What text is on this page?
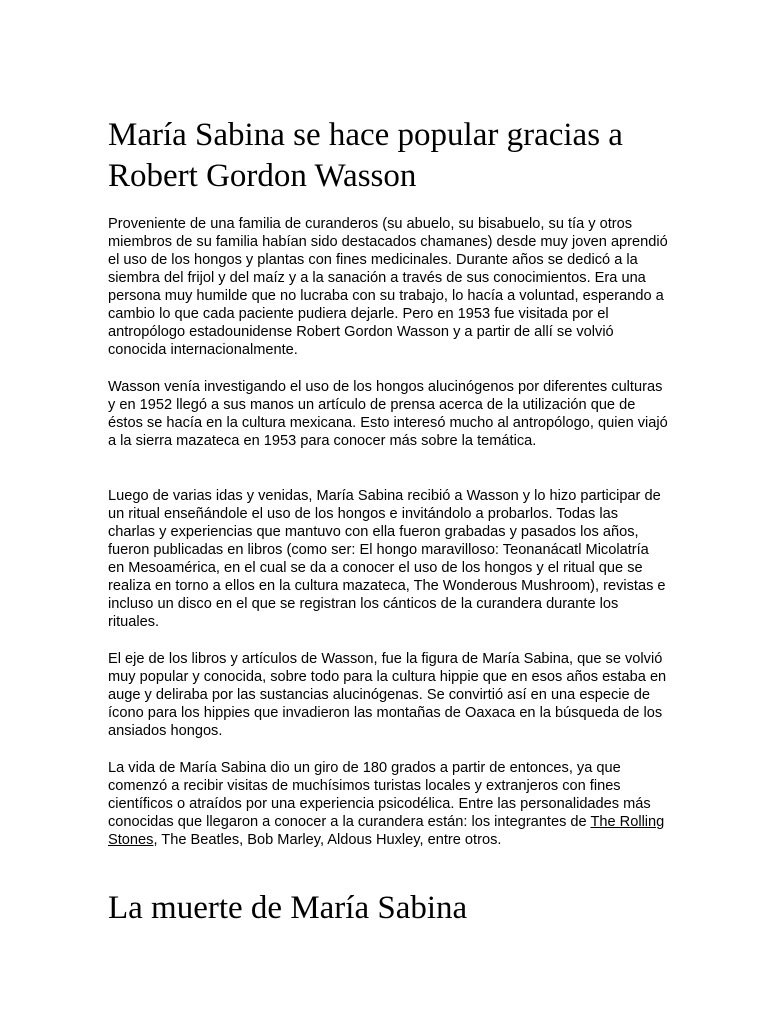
María Sabina se hace popular gracias a Robert Gordon Wasson

Proveniente de una familia de curanderos (su abuelo, su bisabuelo, su tía y otros miembros de su familia habían sido destacados chamanes) desde muy joven aprendió el uso de los hongos y plantas con fines medicinales. Durante años se dedicó a la siembra del frijol y del maíz y a la sanación a través de sus conocimientos. Era una persona muy humilde que no lucraba con su trabajo, lo hacía a voluntad, esperando a cambio lo que cada paciente pudiera dejarle. Pero en 1953 fue visitada por el antropólogo estadounidense Robert Gordon Wasson y a partir de allí se volvió conocida internacionalmente.

Wasson venía investigando el uso de los hongos alucinógenos por diferentes culturas y en 1952 llegó a sus manos un artículo de prensa acerca de la utilización que de éstos se hacía en la cultura mexicana. Esto interesó mucho al antropólogo, quien viajó a la sierra mazateca en 1953 para conocer más sobre la temática.

Luego de varias idas y venidas, María Sabina recibió a Wasson y lo hizo participar de un ritual enseñándole el uso de los hongos e invitándolo a probarlos. Todas las charlas y experiencias que mantuvo con ella fueron grabadas y pasados los años, fueron publicadas en libros (como ser: El hongo maravilloso: Teonanácatl Micolatría en Mesoamérica, en el cual se da a conocer el uso de los hongos y el ritual que se realiza en torno a ellos en la cultura mazateca, The Wonderous Mushroom), revistas e incluso un disco en el que se registran los cánticos de la curandera durante los rituales.

El eje de los libros y artículos de Wasson, fue la figura de María Sabina, que se volvió muy popular y conocida, sobre todo para la cultura hippie que en esos años estaba en auge y deliraba por las sustancias alucinógenas. Se convirtió así en una especie de ícono para los hippies que invadieron las montañas de Oaxaca en la búsqueda de los ansiados hongos.

La vida de María Sabina dio un giro de 180 grados a partir de entonces, ya que comenzó a recibir visitas de muchísimos turistas locales y extranjeros con fines científicos o atraídos por una experiencia psicodélica. Entre las personalidades más conocidas que llegaron a conocer a la curandera están: los integrantes de The Rolling Stones, The Beatles, Bob Marley, Aldous Huxley, entre otros.

La muerte de María Sabina
